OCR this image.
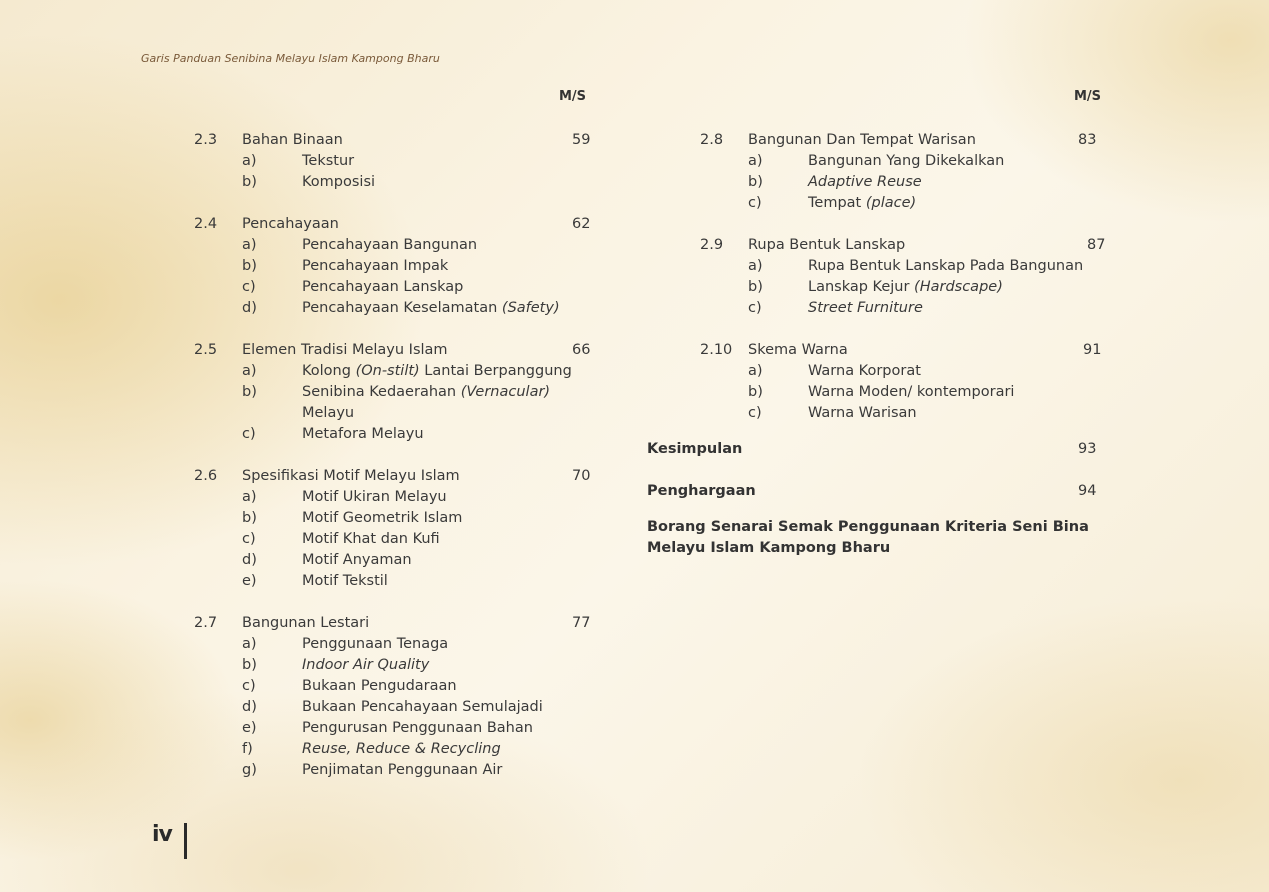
Garis Panduan Senibina Melayu Islam Kampong Bharu
M/S	M/S
2.3 Bahan Binaan	59
a)	Tekstur
b)	Komposisi
2.4 Pencahayaan	62
a)	Pencahayaan Bangunan
b)	Pencahayaan Impak
c)	Pencahayaan Lanskap
d)	Pencahayaan Keselamatan (Safety)
2.5 Elemen Tradisi Melayu Islam	66
a)	Kolong (On-stilt) Lantai Berpanggung
b)	Senibina Kedaerahan (Vernacular)
Melayu
c)	Metafora Melayu
2.6 Spesifikasi Motif Melayu Islam	70
a)	Motif Ukiran Melayu
b)	Motif Geometrik Islam
c)	Motif Khat dan Kufi
d)	Motif Anyaman
e)	Motif Tekstil
2.7 Bangunan Lestari	77
a)	Penggunaan Tenaga
b)	Indoor Air Quality
c)	Bukaan Pengudaraan
d)	Bukaan Pencahayaan Semulajadi
e)	Pengurusan Penggunaan Bahan
f)	Reuse, Reduce & Recycling
g)	Penjimatan Penggunaan Air
2.8 Bangunan Dan Tempat Warisan	83
a)	Bangunan Yang Dikekalkan
b)	Adaptive Reuse
c)	Tempat (place)
2.9 Rupa Bentuk Lanskap	87
a)	Rupa Bentuk Lanskap Pada Bangunan
b)	Lanskap Kejur (Hardscape)
c)	Street Furniture
2.10 Skema Warna	91
a)	Warna Korporat
b)	Warna Moden/ kontemporari
c)	Warna Warisan
Kesimpulan	93
Penghargaan	94
Borang Senarai Semak Penggunaan Kriteria Seni Bina
Melayu Islam Kampong Bharu
iv
